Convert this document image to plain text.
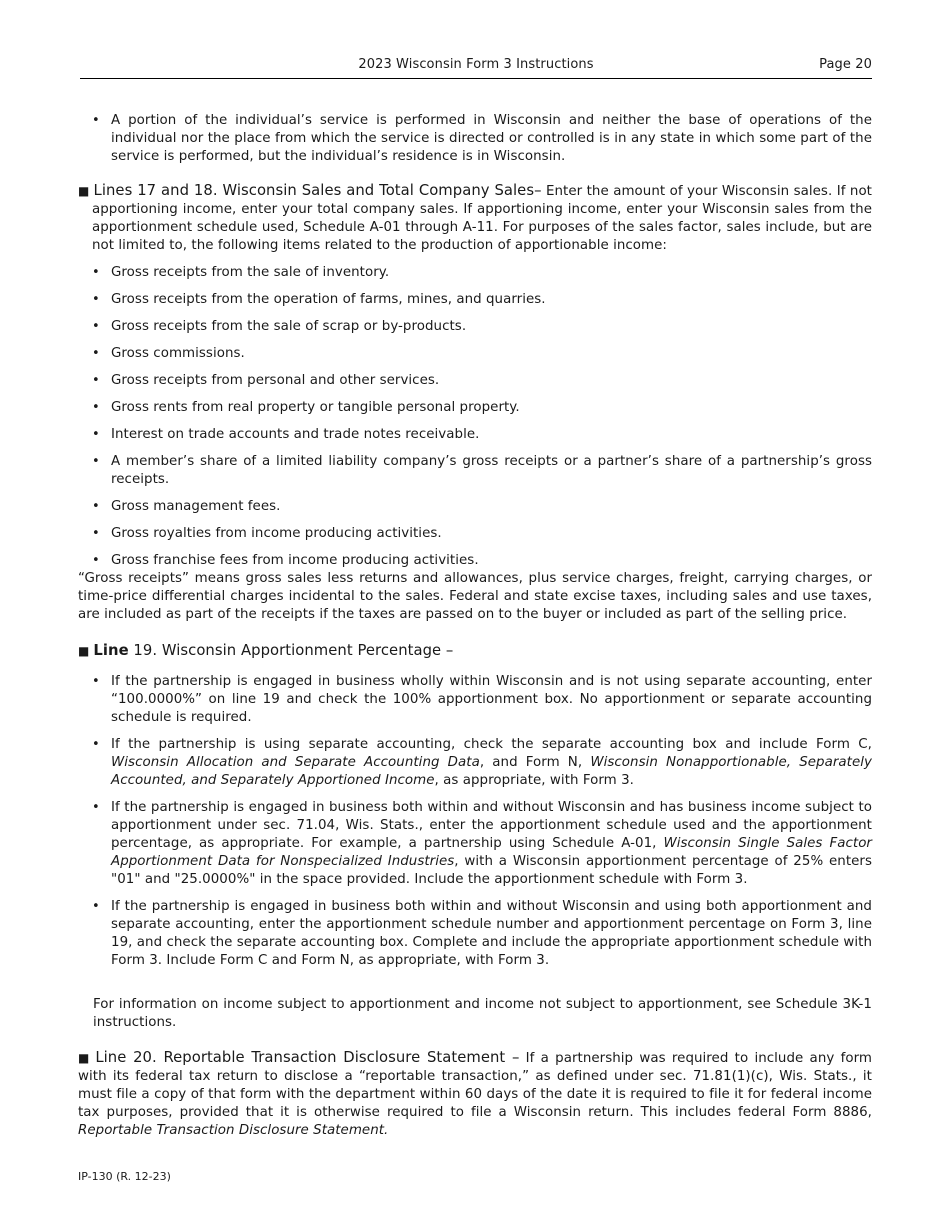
2023 Wisconsin Form 3 Instructions	Page 20
• A portion of the individual’s service is performed in Wisconsin and neither the base of operations of the individual nor the place from which the service is directed or controlled is in any state in which some part of the service is performed, but the individual’s residence is in Wisconsin.

■ Lines 17 and 18. Wisconsin Sales and Total Company Sales– Enter the amount of your Wisconsin sales. If not apportioning income, enter your total company sales. If apportioning income, enter your Wisconsin sales from the apportionment schedule used, Schedule A-01 through A-11. For purposes of the sales factor, sales include, but are not limited to, the following items related to the production of apportionable income:

• Gross receipts from the sale of inventory.
• Gross receipts from the operation of farms, mines, and quarries.
• Gross receipts from the sale of scrap or by-products.
• Gross commissions.
• Gross receipts from personal and other services.
• Gross rents from real property or tangible personal property.
• Interest on trade accounts and trade notes receivable.
• A member’s share of a limited liability company’s gross receipts or a partner’s share of a partnership’s gross receipts.
• Gross management fees.
• Gross royalties from income producing activities.
• Gross franchise fees from income producing activities.

“Gross receipts” means gross sales less returns and allowances, plus service charges, freight, carrying charges, or time-price differential charges incidental to the sales. Federal and state excise taxes, including sales and use taxes, are included as part of the receipts if the taxes are passed on to the buyer or included as part of the selling price.

■ Line 19. Wisconsin Apportionment Percentage –

• If the partnership is engaged in business wholly within Wisconsin and is not using separate accounting, enter “100.0000%” on line 19 and check the 100% apportionment box. No apportionment or separate accounting schedule is required.
• If the partnership is using separate accounting, check the separate accounting box and include Form C, Wisconsin Allocation and Separate Accounting Data, and Form N, Wisconsin Nonapportionable, Separately Accounted, and Separately Apportioned Income, as appropriate, with Form 3.
• If the partnership is engaged in business both within and without Wisconsin and has business income subject to apportionment under sec. 71.04, Wis. Stats., enter the apportionment schedule used and the apportionment percentage, as appropriate. For example, a partnership using Schedule A-01, Wisconsin Single Sales Factor Apportionment Data for Nonspecialized Industries, with a Wisconsin apportionment percentage of 25% enters "01" and "25.0000%" in the space provided. Include the apportionment schedule with Form 3.
• If the partnership is engaged in business both within and without Wisconsin and using both apportionment and separate accounting, enter the apportionment schedule number and apportionment percentage on Form 3, line 19, and check the separate accounting box. Complete and include the appropriate apportionment schedule with Form 3. Include Form C and Form N, as appropriate, with Form 3.

For information on income subject to apportionment and income not subject to apportionment, see Schedule 3K-1 instructions.

■ Line 20. Reportable Transaction Disclosure Statement – If a partnership was required to include any form with its federal tax return to disclose a “reportable transaction,” as defined under sec. 71.81(1)(c), Wis. Stats., it must file a copy of that form with the department within 60 days of the date it is required to file it for federal income tax purposes, provided that it is otherwise required to file a Wisconsin return. This includes federal Form 8886, Reportable Transaction Disclosure Statement.

IP-130 (R. 12-23)
